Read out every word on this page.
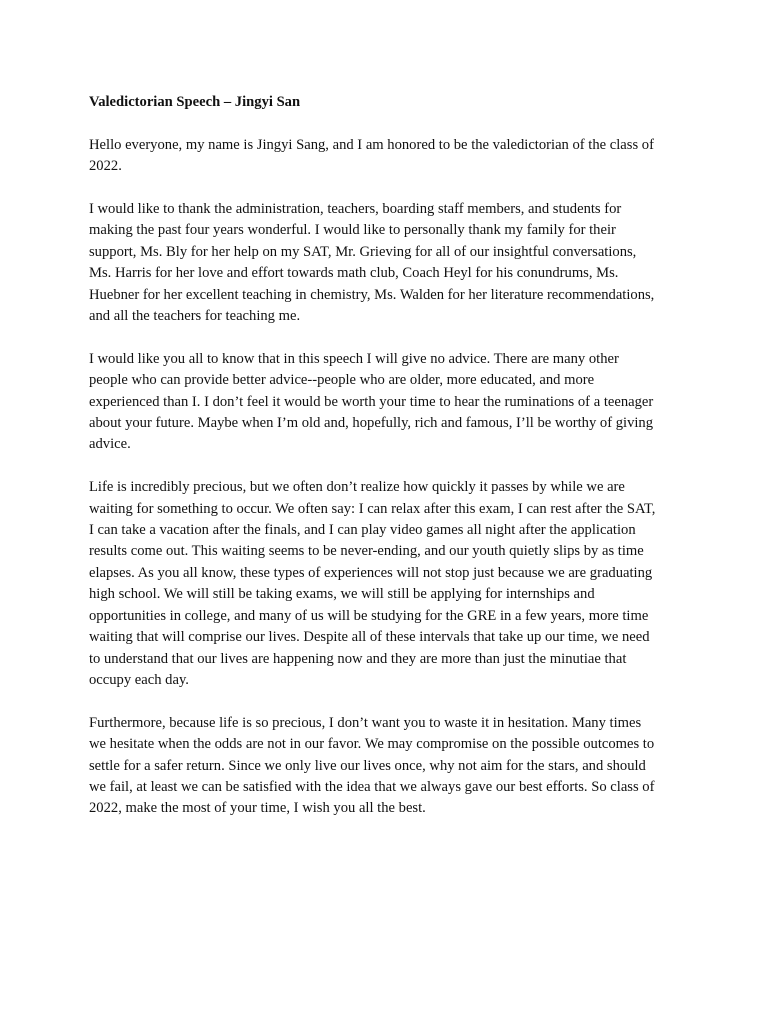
Valedictorian Speech – Jingyi San

Hello everyone, my name is Jingyi Sang, and I am honored to be the valedictorian of the class of
2022.

I would like to thank the administration, teachers, boarding staff members, and students for
making the past four years wonderful. I would like to personally thank my family for their
support, Ms. Bly for her help on my SAT, Mr. Grieving for all of our insightful conversations,
Ms. Harris for her love and effort towards math club, Coach Heyl for his conundrums, Ms.
Huebner for her excellent teaching in chemistry, Ms. Walden for her literature recommendations,
and all the teachers for teaching me.

I would like you all to know that in this speech I will give no advice. There are many other
people who can provide better advice--people who are older, more educated, and more
experienced than I. I don’t feel it would be worth your time to hear the ruminations of a teenager
about your future. Maybe when I’m old and, hopefully, rich and famous, I’ll be worthy of giving
advice.

Life is incredibly precious, but we often don’t realize how quickly it passes by while we are
waiting for something to occur. We often say: I can relax after this exam, I can rest after the SAT,
I can take a vacation after the finals, and I can play video games all night after the application
results come out. This waiting seems to be never-ending, and our youth quietly slips by as time
elapses. As you all know, these types of experiences will not stop just because we are graduating
high school. We will still be taking exams, we will still be applying for internships and
opportunities in college, and many of us will be studying for the GRE in a few years, more time
waiting that will comprise our lives. Despite all of these intervals that take up our time, we need
to understand that our lives are happening now and they are more than just the minutiae that
occupy each day.

Furthermore, because life is so precious, I don’t want you to waste it in hesitation. Many times
we hesitate when the odds are not in our favor. We may compromise on the possible outcomes to
settle for a safer return. Since we only live our lives once, why not aim for the stars, and should
we fail, at least we can be satisfied with the idea that we always gave our best efforts. So class of
2022, make the most of your time, I wish you all the best.
